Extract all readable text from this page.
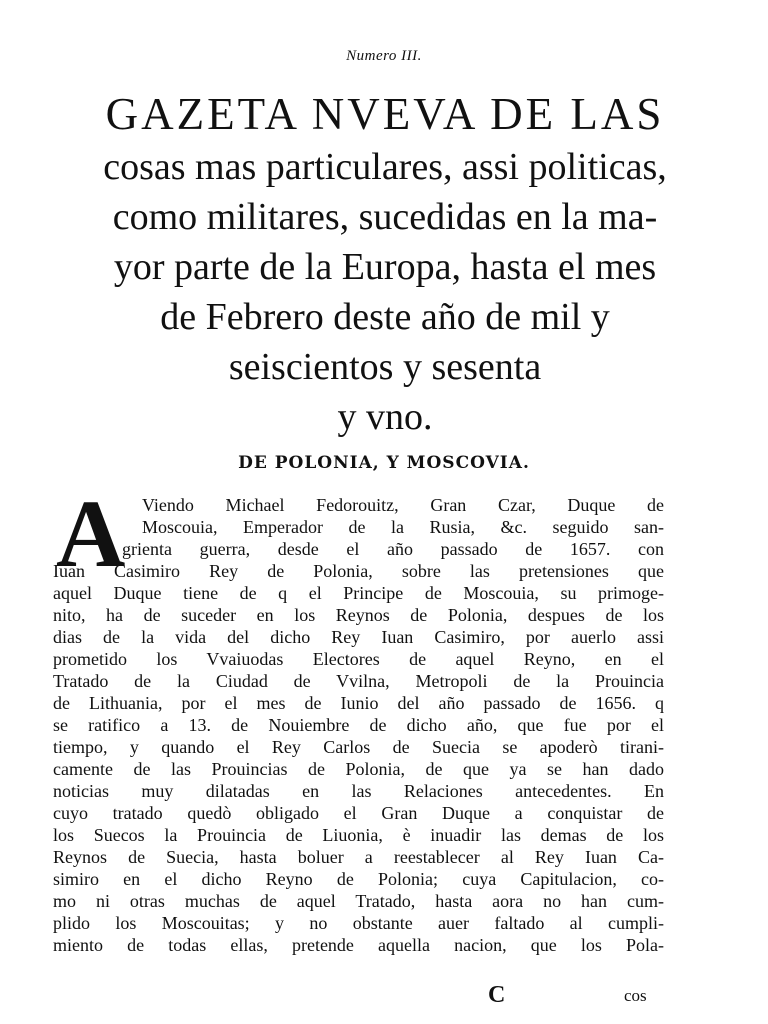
Numero III.
GAZETA NVEVA DE LAS
cosas mas particulares, assi politicas,
como militares, sucedidas en la ma-
yor parte de la Europa, hasta el mes
de Febrero deste año de mil y
seiscientos y sesenta
y vno.
DE POLONIA, Y MOSCOVIA.
A Viendo Michael Fedorouitz, Gran Czar, Duque de
Moscouia, Emperador de la Rusia, &c. seguido san-
grienta guerra, desde el año passado de 1657. con
Iuan Casimiro Rey de Polonia, sobre las pretensiones que
aquel Duque tiene de q el Principe de Moscouia, su primoge-
nito, ha de suceder en los Reynos de Polonia, despues de los
dias de la vida del dicho Rey Iuan Casimiro, por auerlo assi
prometido los Vvaiuodas Electores de aquel Reyno, en el
Tratado de la Ciudad de Vvilna, Metropoli de la Prouincia
de Lithuania, por el mes de Iunio del año passado de 1656. q
se ratifico a 13. de Nouiembre de dicho año, que fue por el
tiempo, y quando el Rey Carlos de Suecia se apoderò tirani-
camente de las Prouincias de Polonia, de que ya se han dado
noticias muy dilatadas en las Relaciones antecedentes. En
cuyo tratado quedò obligado el Gran Duque a conquistar de
los Suecos la Prouincia de Liuonia, è inuadir las demas de los
Reynos de Suecia, hasta boluer a reestablecer al Rey Iuan Ca-
simiro en el dicho Reyno de Polonia; cuya Capitulacion, co-
mo ni otras muchas de aquel Tratado, hasta aora no han cum-
plido los Moscouitas; y no obstante auer faltado al cumpli-
miento de todas ellas, pretende aquella nacion, que los Pola-
C	cos
